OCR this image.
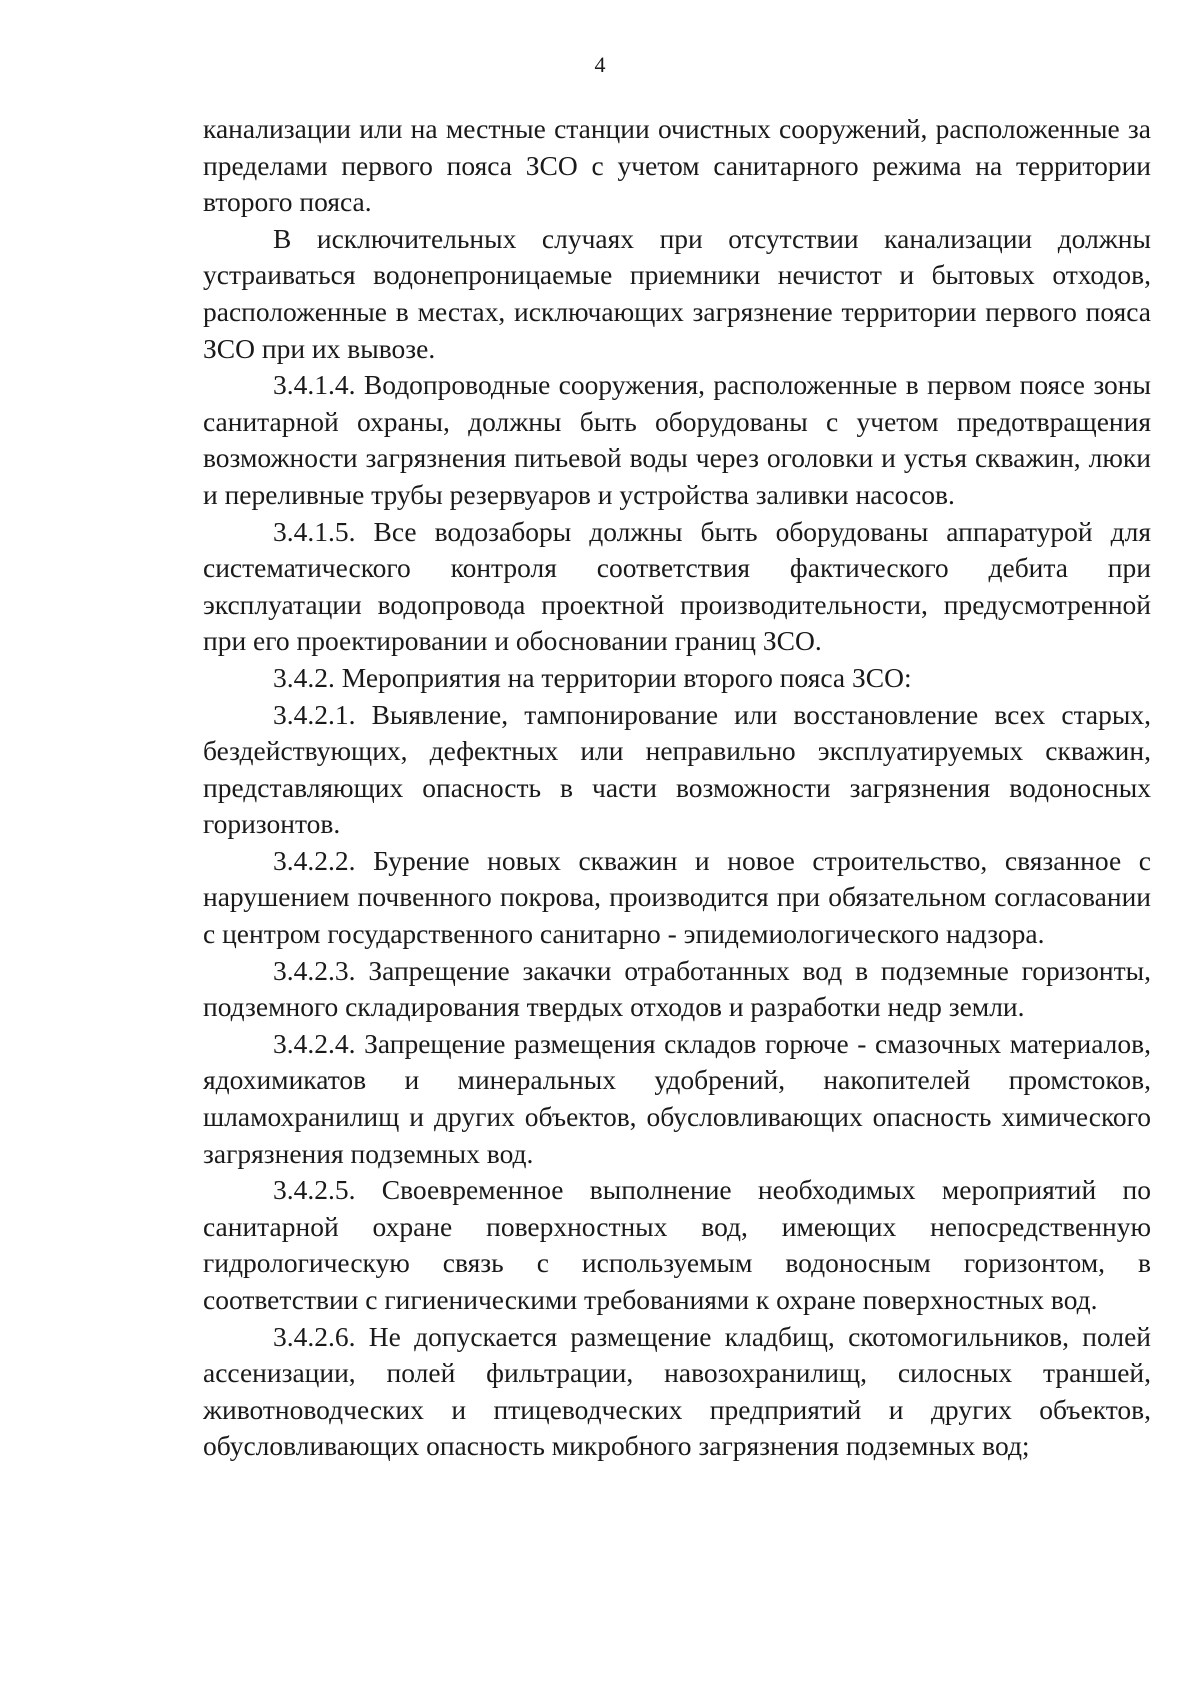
4

канализации или на местные станции очистных сооружений, расположенные за пределами первого пояса ЗСО с учетом санитарного режима на территории второго пояса.

В исключительных случаях при отсутствии канализации должны устраиваться водонепроницаемые приемники нечистот и бытовых отходов, расположенные в местах, исключающих загрязнение территории первого пояса ЗСО при их вывозе.

3.4.1.4. Водопроводные сооружения, расположенные в первом поясе зоны санитарной охраны, должны быть оборудованы с учетом предотвращения возможности загрязнения питьевой воды через оголовки и устья скважин, люки и переливные трубы резервуаров и устройства заливки насосов.

3.4.1.5. Все водозаборы должны быть оборудованы аппаратурой для систематического контроля соответствия фактического дебита при эксплуатации водопровода проектной производительности, предусмотренной при его проектировании и обосновании границ ЗСО.

3.4.2. Мероприятия на территории второго пояса ЗСО:

3.4.2.1. Выявление, тампонирование или восстановление всех старых, бездействующих, дефектных или неправильно эксплуатируемых скважин, представляющих опасность в части возможности загрязнения водоносных горизонтов.

3.4.2.2. Бурение новых скважин и новое строительство, связанное с нарушением почвенного покрова, производится при обязательном согласовании с центром государственного санитарно - эпидемиологического надзора.

3.4.2.3. Запрещение закачки отработанных вод в подземные горизонты, подземного складирования твердых отходов и разработки недр земли.

3.4.2.4. Запрещение размещения складов горюче - смазочных материалов, ядохимикатов и минеральных удобрений, накопителей промстоков, шламохранилищ и других объектов, обусловливающих опасность химического загрязнения подземных вод.

3.4.2.5. Своевременное выполнение необходимых мероприятий по санитарной охране поверхностных вод, имеющих непосредственную гидрологическую связь с используемым водоносным горизонтом, в соответствии с гигиеническими требованиями к охране поверхностных вод.

3.4.2.6. Не допускается размещение кладбищ, скотомогильников, полей ассенизации, полей фильтрации, навозохранилищ, силосных траншей, животноводческих и птицеводческих предприятий и других объектов, обусловливающих опасность микробного загрязнения подземных вод;
